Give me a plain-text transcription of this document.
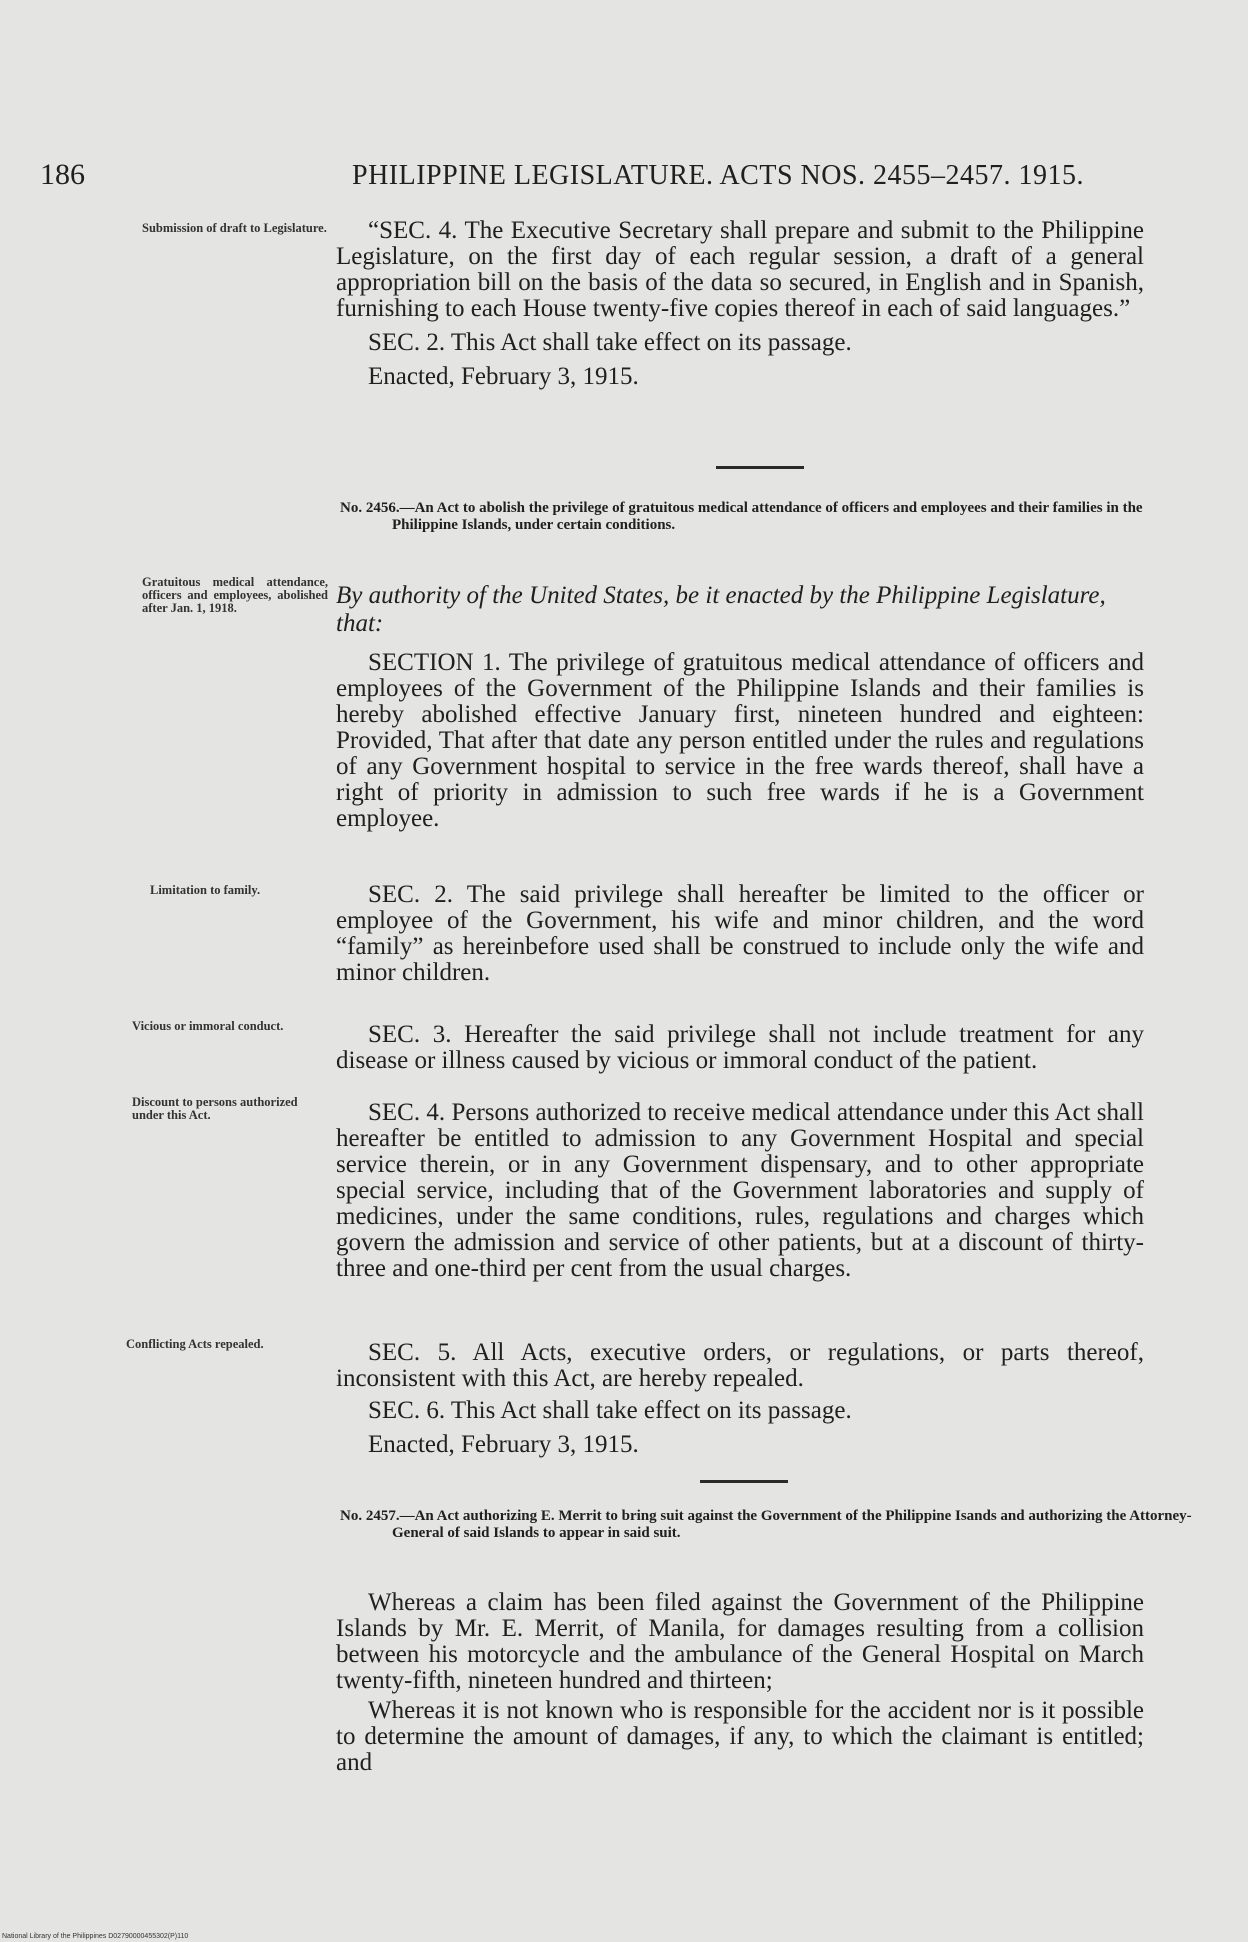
186	PHILIPPINE LEGISLATURE. ACTS NOS. 2455–2457. 1915.
Submission of draft to Legislature.	“SEC. 4. The Executive Secretary shall prepare and submit to the Philippine Legislature, on the first day of each regular session, a draft of a general appropriation bill on the basis of the data so secured, in English and in Spanish, furnishing to each House twenty-five copies thereof in each of said languages.”

SEC. 2. This Act shall take effect on its passage.

Enacted, February 3, 1915.

No. 2456.—An Act to abolish the privilege of gratuitous medical attendance of officers and employees and their families in the Philippine Islands, under certain conditions.
Gratuitous medical attendance, officers and employees, abolished after Jan. 1, 1918.	By authority of the United States, be it enacted by the Philippine Legislature, that:

SECTION 1. The privilege of gratuitous medical attendance of officers and employees of the Government of the Philippine Islands and their families is hereby abolished effective January first, nineteen hundred and eighteen: Provided, That after that date any person entitled under the rules and regulations of any Government hospital to service in the free wards thereof, shall have a right of priority in admission to such free wards if he is a Government employee.

Limitation to family.	SEC. 2. The said privilege shall hereafter be limited to the officer or employee of the Government, his wife and minor children, and the word “family” as hereinbefore used shall be construed to include only the wife and minor children.

Vicious or immoral conduct.	SEC. 3. Hereafter the said privilege shall not include treatment for any disease or illness caused by vicious or immoral conduct of the patient.

Discount to persons authorized under this Act.	SEC. 4. Persons authorized to receive medical attendance under this Act shall hereafter be entitled to admission to any Government Hospital and special service therein, or in any Government dispensary, and to other appropriate special service, including that of the Government laboratories and supply of medicines, under the same conditions, rules, regulations and charges which govern the admission and service of other patients, but at a discount of thirty-three and one-third per cent from the usual charges.

Conflicting Acts repealed.	SEC. 5. All Acts, executive orders, or regulations, or parts thereof, inconsistent with this Act, are hereby repealed.

SEC. 6. This Act shall take effect on its passage.

Enacted, February 3, 1915.

No. 2457.—An Act authorizing E. Merrit to bring suit against the Government of the Philippine Isands and authorizing the Attorney-General of said Islands to appear in said suit.

Whereas a claim has been filed against the Government of the Philippine Islands by Mr. E. Merrit, of Manila, for damages resulting from a collision between his motorcycle and the ambulance of the General Hospital on March twenty-fifth, nineteen hundred and thirteen;

Whereas it is not known who is responsible for the accident nor is it possible to determine the amount of damages, if any, to which the claimant is entitled; and

National Library of the Philippines D02790000455302(P)110
